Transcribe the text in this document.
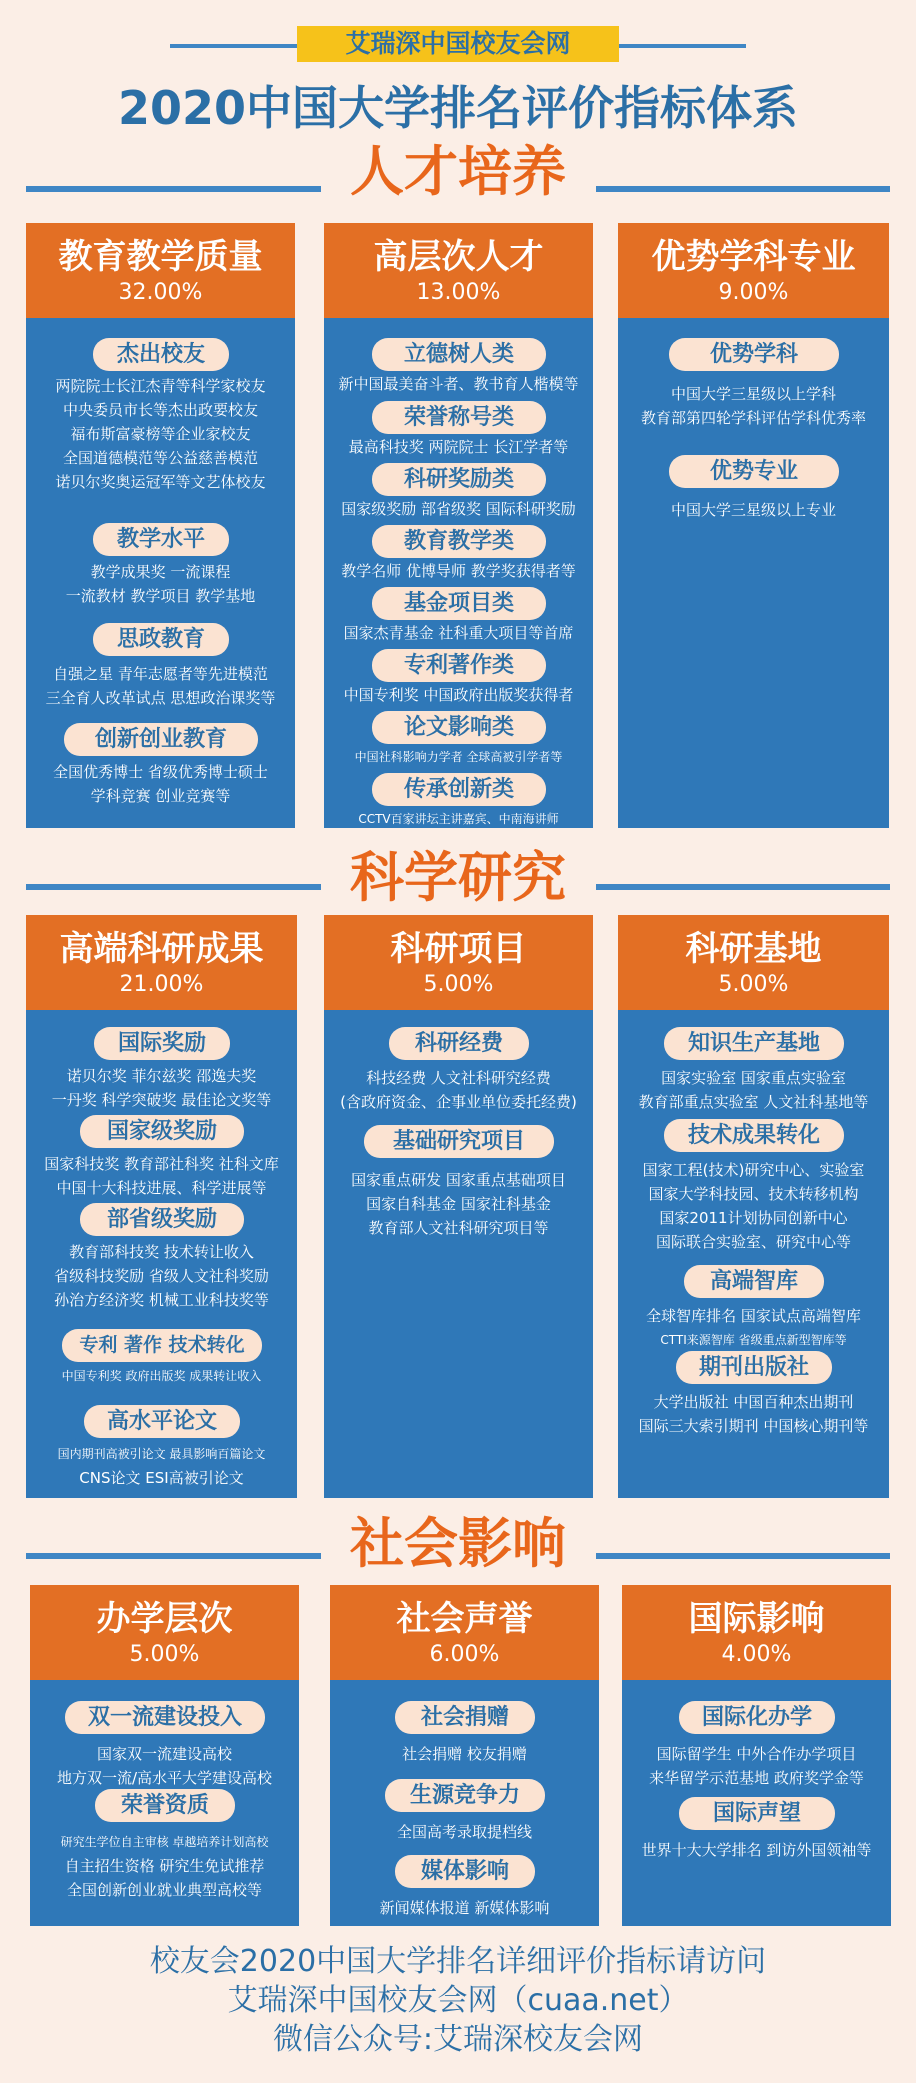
艾瑞深中国校友会网
2020中国大学排名评价指标体系
人才培养
教育教学质量
32.00%
杰出校友
两院院士长江杰青等科学家校友
中央委员市长等杰出政要校友
福布斯富豪榜等企业家校友
全国道德模范等公益慈善模范
诺贝尔奖奥运冠军等文艺体校友
教学水平
教学成果奖 一流课程
一流教材 教学项目 教学基地
思政教育
自强之星 青年志愿者等先进模范
三全育人改革试点 思想政治课奖等
创新创业教育
全国优秀博士 省级优秀博士硕士
学科竞赛 创业竞赛等
高层次人才
13.00%
立德树人类
新中国最美奋斗者、教书育人楷模等
荣誉称号类
最高科技奖 两院院士 长江学者等
科研奖励类
国家级奖励 部省级奖 国际科研奖励
教育教学类
教学名师 优博导师 教学奖获得者等
基金项目类
国家杰青基金 社科重大项目等首席
专利著作类
中国专利奖 中国政府出版奖获得者
论文影响类
中国社科影响力学者 全球高被引学者等
传承创新类
CCTV百家讲坛主讲嘉宾、中南海讲师
优势学科专业
9.00%
优势学科
中国大学三星级以上学科
教育部第四轮学科评估学科优秀率
优势专业
中国大学三星级以上专业
科学研究
高端科研成果
21.00%
国际奖励
诺贝尔奖 菲尔兹奖 邵逸夫奖
一丹奖 科学突破奖 最佳论文奖等
国家级奖励
国家科技奖 教育部社科奖 社科文库
中国十大科技进展、科学进展等
部省级奖励
教育部科技奖 技术转让收入
省级科技奖励 省级人文社科奖励
孙治方经济奖 机械工业科技奖等
专利 著作 技术转化
中国专利奖 政府出版奖 成果转让收入
高水平论文
国内期刊高被引论文 最具影响百篇论文
CNS论文 ESI高被引论文
科研项目
5.00%
科研经费
科技经费 人文社科研究经费
(含政府资金、企事业单位委托经费)
基础研究项目
国家重点研发 国家重点基础项目
国家自科基金 国家社科基金
教育部人文社科研究项目等
科研基地
5.00%
知识生产基地
国家实验室 国家重点实验室
教育部重点实验室 人文社科基地等
技术成果转化
国家工程(技术)研究中心、实验室
国家大学科技园、技术转移机构
国家2011计划协同创新中心
国际联合实验室、研究中心等
高端智库
全球智库排名 国家试点高端智库
CTTI来源智库 省级重点新型智库等
期刊出版社
大学出版社 中国百种杰出期刊
国际三大索引期刊 中国核心期刊等
社会影响
办学层次
5.00%
双一流建设投入
国家双一流建设高校
地方双一流/高水平大学建设高校
荣誉资质
研究生学位自主审核 卓越培养计划高校
自主招生资格 研究生免试推荐
全国创新创业就业典型高校等
社会声誉
6.00%
社会捐赠
社会捐赠 校友捐赠
生源竞争力
全国高考录取提档线
媒体影响
新闻媒体报道 新媒体影响
国际影响
4.00%
国际化办学
国际留学生 中外合作办学项目
来华留学示范基地 政府奖学金等
国际声望
世界十大大学排名 到访外国领袖等
校友会2020中国大学排名详细评价指标请访问
艾瑞深中国校友会网（cuaa.net）
微信公众号:艾瑞深校友会网
